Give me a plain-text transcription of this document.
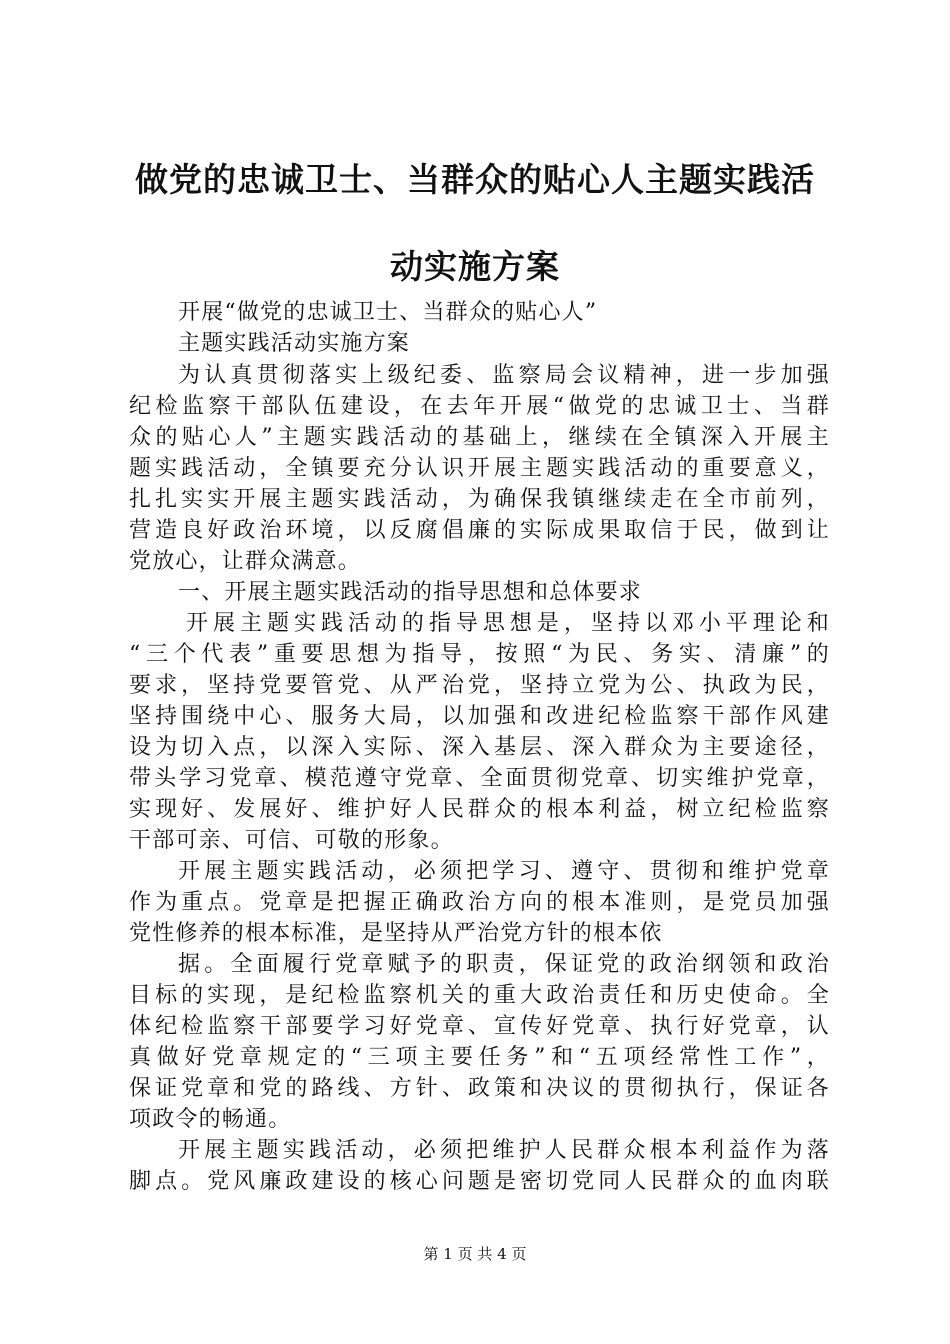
做党的忠诚卫士、当群众的贴心人主题实践活
动实施方案
开展“做党的忠诚卫士、当群众的贴心人”
主题实践活动实施方案
为认真贯彻落实上级纪委、监察局会议精神，进一步加强
纪检监察干部队伍建设，在去年开展“做党的忠诚卫士、当群
众的贴心人”主题实践活动的基础上，继续在全镇深入开展主
题实践活动，全镇要充分认识开展主题实践活动的重要意义，
扎扎实实开展主题实践活动，为确保我镇继续走在全市前列，
营造良好政治环境，以反腐倡廉的实际成果取信于民，做到让
党放心，让群众满意。
一、开展主题实践活动的指导思想和总体要求
开展主题实践活动的指导思想是，坚持以邓小平理论和
“三个代表”重要思想为指导，按照“为民、务实、清廉”的
要求，坚持党要管党、从严治党，坚持立党为公、执政为民，
坚持围绕中心、服务大局，以加强和改进纪检监察干部作风建
设为切入点，以深入实际、深入基层、深入群众为主要途径，
带头学习党章、模范遵守党章、全面贯彻党章、切实维护党章，
实现好、发展好、维护好人民群众的根本利益，树立纪检监察
干部可亲、可信、可敬的形象。
开展主题实践活动，必须把学习、遵守、贯彻和维护党章
作为重点。党章是把握正确政治方向的根本准则，是党员加强
党性修养的根本标准，是坚持从严治党方针的根本依
据。全面履行党章赋予的职责，保证党的政治纲领和政治
目标的实现，是纪检监察机关的重大政治责任和历史使命。全
体纪检监察干部要学习好党章、宣传好党章、执行好党章，认
真做好党章规定的“三项主要任务”和“五项经常性工作”，
保证党章和党的路线、方针、政策和决议的贯彻执行，保证各
项政令的畅通。
开展主题实践活动，必须把维护人民群众根本利益作为落
脚点。党风廉政建设的核心问题是密切党同人民群众的血肉联
第 1 页 共 4 页
